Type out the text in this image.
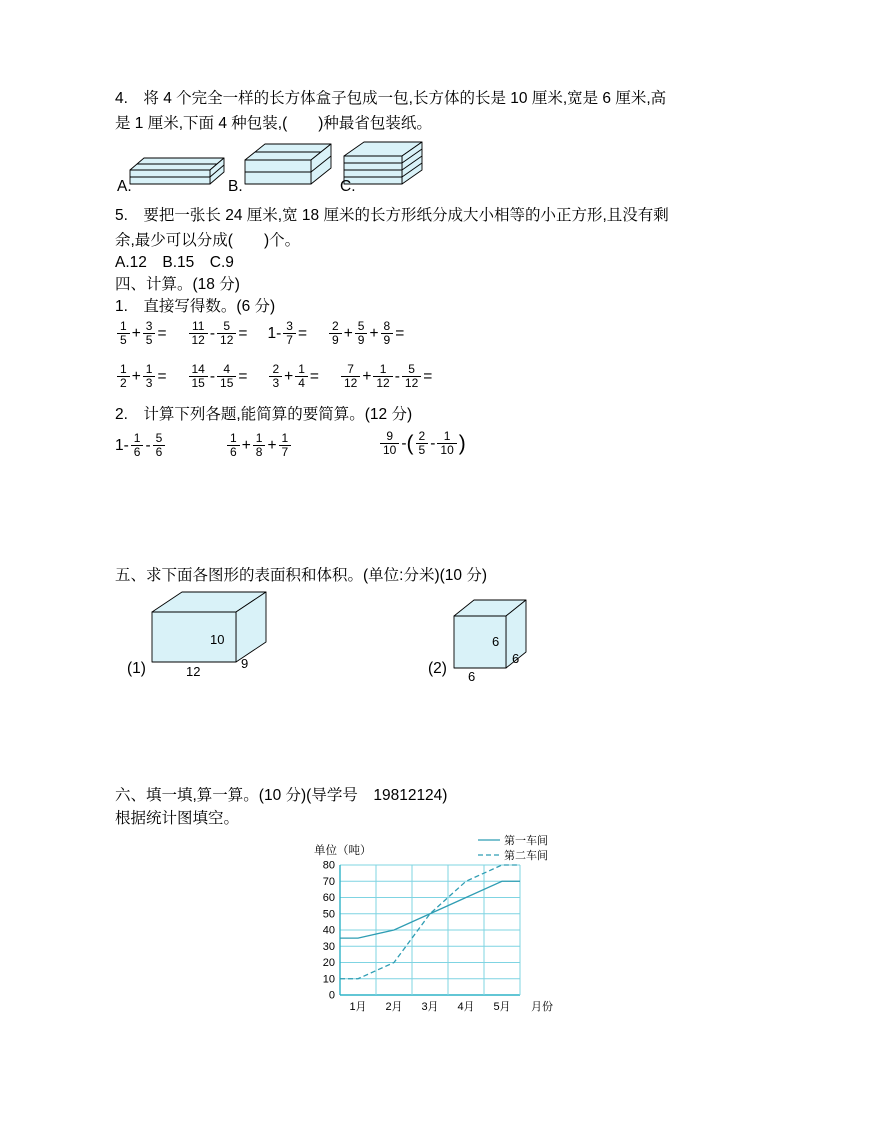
4.　将 4 个完全一样的长方体盒子包成一包,长方体的长是 10 厘米,宽是 6 厘米,高
是 1 厘米,下面 4 种包装,(　　)种最省包装纸。
A.	B.	C.
5.　要把一张长 24 厘米,宽 18 厘米的长方形纸分成大小相等的小正方形,且没有剩
余,最少可以分成(　　)个。
A.12　B.15　C.9
四、计算。(18 分)
1.　直接写得数。(6 分)
$\frac{1}{5} + \frac{3}{5} = \frac{11}{12} - \frac{5}{12} = 1 - \frac{3}{7} = \frac{2}{9} + \frac{5}{9} + \frac{8}{9}$ =
$\frac{1}{2} + \frac{1}{3} = \frac{14}{15} - \frac{4}{15} = \frac{2}{3} + \frac{1}{4} = \frac{7}{12} + \frac{1}{12} - \frac{5}{12}$ =
2.　计算下列各题,能简算的要简算。(12 分)
$1 - \frac{1}{6} - \frac{5}{6}$	$\frac{1}{6} + \frac{1}{8} + \frac{1}{7}$	$\frac{9}{10}$ - ( $\frac{2}{5} - \frac{1}{10}$ )
五、求下面各图形的表面积和体积。(单位:分米)(10 分)
10
12
9
(1)
6
6
6
(2)
六、填一填,算一算。(10 分)(导学号　19812124)
根据统计图填空。
0
10
20
30
40
50
60
70
80
1月 2月 3月 4月 5月 月份
单位（吨）
第一车间
第二车间
